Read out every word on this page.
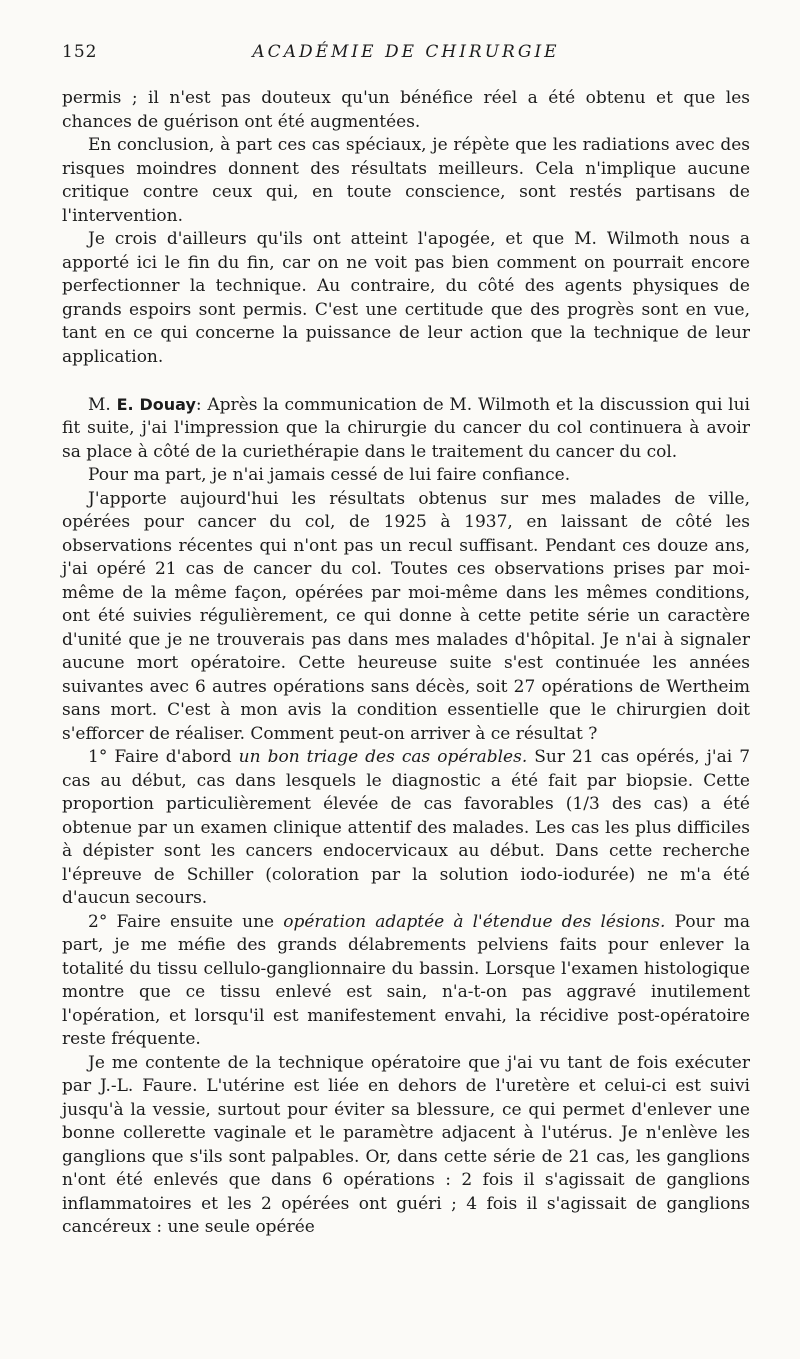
152	ACADÉMIE DE CHIRURGIE

permis ; il n'est pas douteux qu'un bénéfice réel a été obtenu et que les chances de guérison ont été augmentées.

En conclusion, à part ces cas spéciaux, je répète que les radiations avec des risques moindres donnent des résultats meilleurs. Cela n'implique aucune critique contre ceux qui, en toute conscience, sont restés partisans de l'intervention.

Je crois d'ailleurs qu'ils ont atteint l'apogée, et que M. Wilmoth nous a apporté ici le fin du fin, car on ne voit pas bien comment on pourrait encore perfectionner la technique. Au contraire, du côté des agents physiques de grands espoirs sont permis. C'est une certitude que des progrès sont en vue, tant en ce qui concerne la puissance de leur action que la technique de leur application.

M. E. Douay: Après la communication de M. Wilmoth et la discussion qui lui fit suite, j'ai l'impression que la chirurgie du cancer du col continuera à avoir sa place à côté de la curiethérapie dans le traitement du cancer du col.

Pour ma part, je n'ai jamais cessé de lui faire confiance.

J'apporte aujourd'hui les résultats obtenus sur mes malades de ville, opérées pour cancer du col, de 1925 à 1937, en laissant de côté les observations récentes qui n'ont pas un recul suffisant. Pendant ces douze ans, j'ai opéré 21 cas de cancer du col. Toutes ces observations prises par moi-même de la même façon, opérées par moi-même dans les mêmes conditions, ont été suivies régulièrement, ce qui donne à cette petite série un caractère d'unité que je ne trouverais pas dans mes malades d'hôpital. Je n'ai à signaler aucune mort opératoire. Cette heureuse suite s'est continuée les années suivantes avec 6 autres opérations sans décès, soit 27 opérations de Wertheim sans mort. C'est à mon avis la condition essentielle que le chirurgien doit s'efforcer de réaliser. Comment peut-on arriver à ce résultat ?

1° Faire d'abord un bon triage des cas opérables. Sur 21 cas opérés, j'ai 7 cas au début, cas dans lesquels le diagnostic a été fait par biopsie. Cette proportion particulièrement élevée de cas favorables (1/3 des cas) a été obtenue par un examen clinique attentif des malades. Les cas les plus difficiles à dépister sont les cancers endocervicaux au début. Dans cette recherche l'épreuve de Schiller (coloration par la solution iodo-iodurée) ne m'a été d'aucun secours.

2° Faire ensuite une opération adaptée à l'étendue des lésions. Pour ma part, je me méfie des grands délabrements pelviens faits pour enlever la totalité du tissu cellulo-ganglionnaire du bassin. Lorsque l'examen histologique montre que ce tissu enlevé est sain, n'a-t-on pas aggravé inutilement l'opération, et lorsqu'il est manifestement envahi, la récidive post-opératoire reste fréquente.

Je me contente de la technique opératoire que j'ai vu tant de fois exécuter par J.-L. Faure. L'utérine est liée en dehors de l'uretère et celui-ci est suivi jusqu'à la vessie, surtout pour éviter sa blessure, ce qui permet d'enlever une bonne collerette vaginale et le paramètre adjacent à l'utérus. Je n'enlève les ganglions que s'ils sont palpables. Or, dans cette série de 21 cas, les ganglions n'ont été enlevés que dans 6 opérations : 2 fois il s'agissait de ganglions inflammatoires et les 2 opérées ont guéri ; 4 fois il s'agissait de ganglions cancéreux : une seule opérée
